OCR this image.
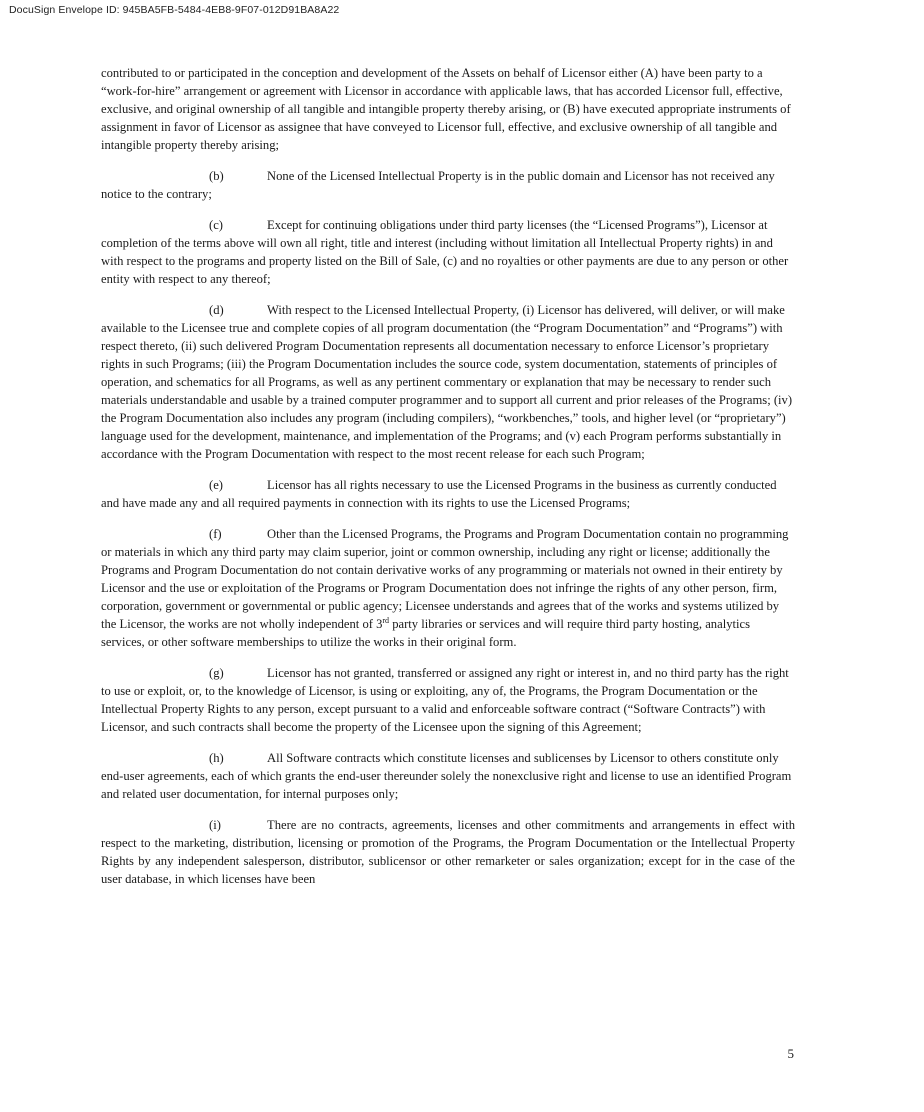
DocuSign Envelope ID: 945BA5FB-5484-4EB8-9F07-012D91BA8A22

contributed to or participated in the conception and development of the Assets on behalf of Licensor either (A) have been party to a “work-for-hire” arrangement or agreement with Licensor in accordance with applicable laws, that has accorded Licensor full, effective, exclusive, and original ownership of all tangible and intangible property thereby arising, or (B) have executed appropriate instruments of assignment in favor of Licensor as assignee that have conveyed to Licensor full, effective, and exclusive ownership of all tangible and intangible property thereby arising;

(b)	None of the Licensed Intellectual Property is in the public domain and Licensor has not received any notice to the contrary;

(c)	Except for continuing obligations under third party licenses (the “Licensed Programs”), Licensor at completion of the terms above will own all right, title and interest (including without limitation all Intellectual Property rights) in and with respect to the programs and property listed on the Bill of Sale, (c) and no royalties or other payments are due to any person or other entity with respect to any thereof;

(d)	With respect to the Licensed Intellectual Property, (i) Licensor has delivered, will deliver, or will make available to the Licensee true and complete copies of all program documentation (the “Program Documentation” and “Programs”) with respect thereto, (ii) such delivered Program Documentation represents all documentation necessary to enforce Licensor’s proprietary rights in such Programs; (iii) the Program Documentation includes the source code, system documentation, statements of principles of operation, and schematics for all Programs, as well as any pertinent commentary or explanation that may be necessary to render such materials understandable and usable by a trained computer programmer and to support all current and prior releases of the Programs; (iv) the Program Documentation also includes any program (including compilers), “workbenches,” tools, and higher level (or “proprietary”) language used for the development, maintenance, and implementation of the Programs; and (v) each Program performs substantially in accordance with the Program Documentation with respect to the most recent release for each such Program;

(e)	Licensor has all rights necessary to use the Licensed Programs in the business as currently conducted and have made any and all required payments in connection with its rights to use the Licensed Programs;

(f)	Other than the Licensed Programs, the Programs and Program Documentation contain no programming or materials in which any third party may claim superior, joint or common ownership, including any right or license; additionally the Programs and Program Documentation do not contain derivative works of any programming or materials not owned in their entirety by Licensor and the use or exploitation of the Programs or Program Documentation does not infringe the rights of any other person, firm, corporation, government or governmental or public agency; Licensee understands and agrees that of the works and systems utilized by the Licensor, the works are not wholly independent of 3rd party libraries or services and will require third party hosting, analytics services, or other software memberships to utilize the works in their original form.

(g)	Licensor has not granted, transferred or assigned any right or interest in, and no third party has the right to use or exploit, or, to the knowledge of Licensor, is using or exploiting, any of, the Programs, the Program Documentation or the Intellectual Property Rights to any person, except pursuant to a valid and enforceable software contract (“Software Contracts”) with Licensor, and such contracts shall become the property of the Licensee upon the signing of this Agreement;

(h)	All Software contracts which constitute licenses and sublicenses by Licensor to others constitute only end-user agreements, each of which grants the end-user thereunder solely the nonexclusive right and license to use an identified Program and related user documentation, for internal purposes only;

(i)	There are no contracts, agreements, licenses and other commitments and arrangements in effect with respect to the marketing, distribution, licensing or promotion of the Programs, the Program Documentation or the Intellectual Property Rights by any independent salesperson, distributor, sublicensor or other remarketer or sales organization; except for in the case of the user database, in which licenses have been

5
